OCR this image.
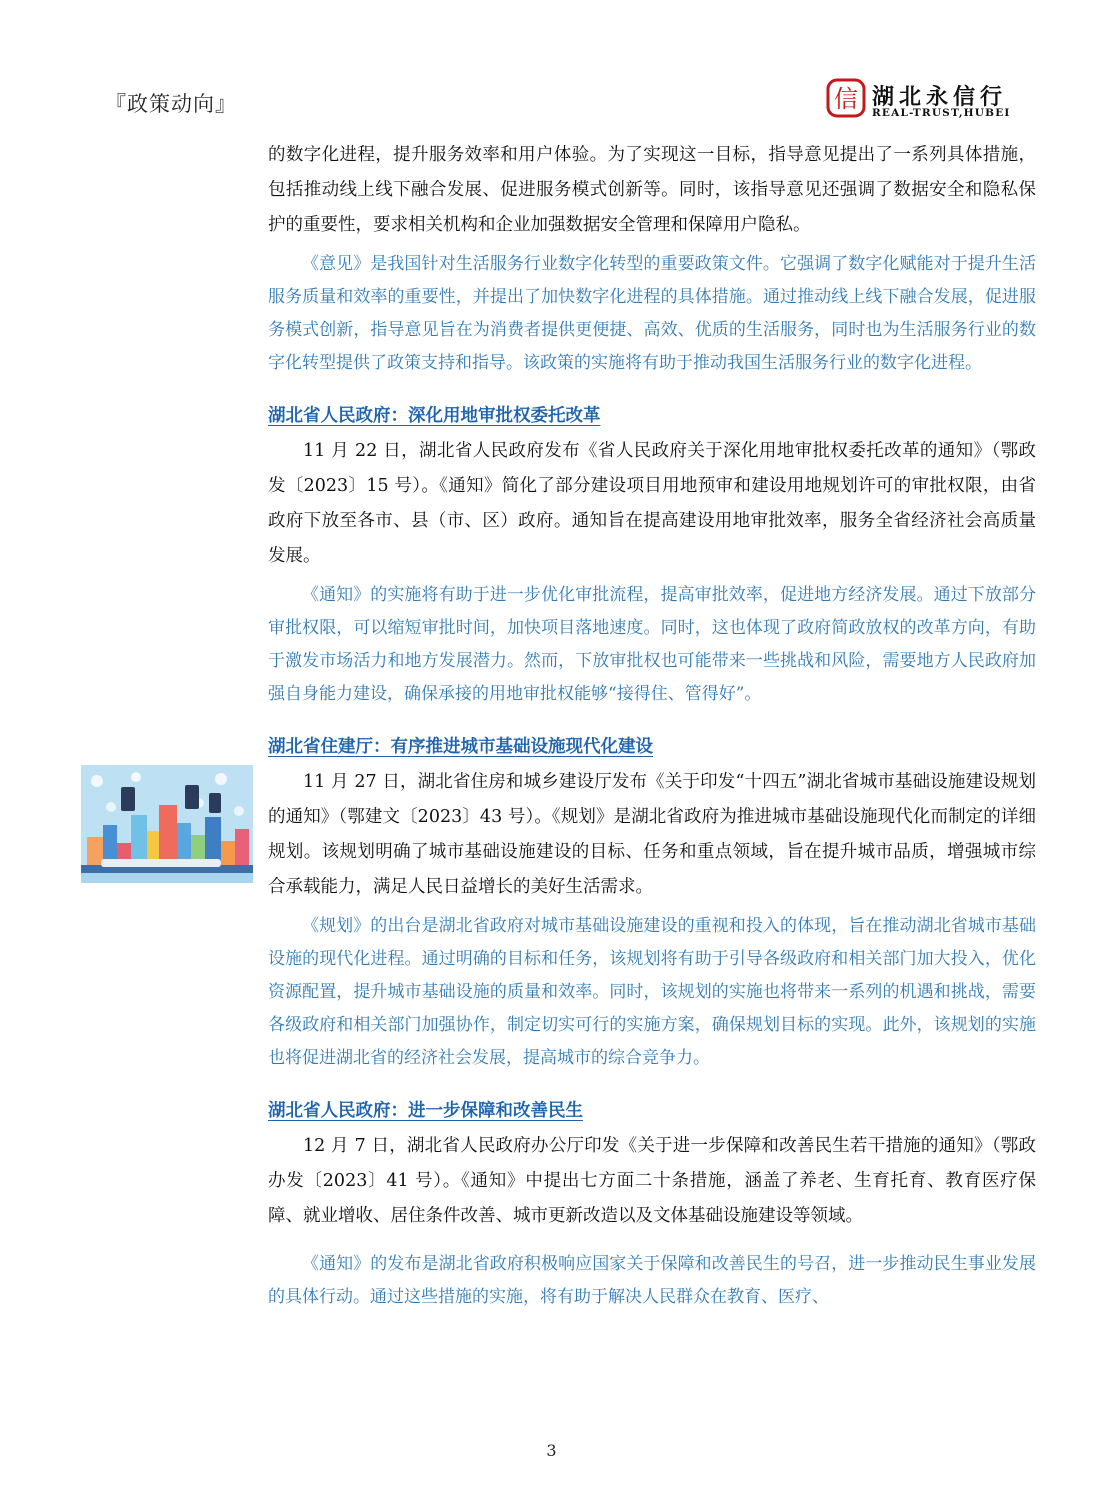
『政策动向』	信 湖北永信行
REAL-TRUST,HUBEI

的数字化进程，提升服务效率和用户体验。为了实现这一目标，指导意见提出了一系列具体措施，包括推动线上线下融合发展、促进服务模式创新等。同时，该指导意见还强调了数据安全和隐私保护的重要性，要求相关机构和企业加强数据安全管理和保障用户隐私。

《意见》是我国针对生活服务行业数字化转型的重要政策文件。它强调了数字化赋能对于提升生活服务质量和效率的重要性，并提出了加快数字化进程的具体措施。通过推动线上线下融合发展，促进服务模式创新，指导意见旨在为消费者提供更便捷、高效、优质的生活服务，同时也为生活服务行业的数字化转型提供了政策支持和指导。该政策的实施将有助于推动我国生活服务行业的数字化进程。

湖北省人民政府：深化用地审批权委托改革

11 月 22 日，湖北省人民政府发布《省人民政府关于深化用地审批权委托改革的通知》（鄂政发〔2023〕15 号）。《通知》简化了部分建设项目用地预审和建设用地规划许可的审批权限，由省政府下放至各市、县（市、区）政府。通知旨在提高建设用地审批效率，服务全省经济社会高质量发展。

《通知》的实施将有助于进一步优化审批流程，提高审批效率，促进地方经济发展。通过下放部分审批权限，可以缩短审批时间，加快项目落地速度。同时，这也体现了政府简政放权的改革方向，有助于激发市场活力和地方发展潜力。然而，下放审批权也可能带来一些挑战和风险，需要地方人民政府加强自身能力建设，确保承接的用地审批权能够“接得住、管得好”。

湖北省住建厅：有序推进城市基础设施现代化建设

11 月 27 日，湖北省住房和城乡建设厅发布《关于印发“十四五”湖北省城市基础设施建设规划的通知》（鄂建文〔2023〕43 号）。《规划》是湖北省政府为推进城市基础设施现代化而制定的详细规划。该规划明确了城市基础设施建设的目标、任务和重点领域，旨在提升城市品质，增强城市综合承载能力，满足人民日益增长的美好生活需求。

《规划》的出台是湖北省政府对城市基础设施建设的重视和投入的体现，旨在推动湖北省城市基础设施的现代化进程。通过明确的目标和任务，该规划将有助于引导各级政府和相关部门加大投入，优化资源配置，提升城市基础设施的质量和效率。同时，该规划的实施也将带来一系列的机遇和挑战，需要各级政府和相关部门加强协作，制定切实可行的实施方案，确保规划目标的实现。此外，该规划的实施也将促进湖北省的经济社会发展，提高城市的综合竞争力。

湖北省人民政府：进一步保障和改善民生

12 月 7 日，湖北省人民政府办公厅印发《关于进一步保障和改善民生若干措施的通知》（鄂政办发〔2023〕41 号）。《通知》中提出七方面二十条措施，涵盖了养老、生育托育、教育医疗保障、就业增收、居住条件改善、城市更新改造以及文体基础设施建设等领域。

《通知》的发布是湖北省政府积极响应国家关于保障和改善民生的号召，进一步推动民生事业发展的具体行动。通过这些措施的实施，将有助于解决人民群众在教育、医疗、

3
